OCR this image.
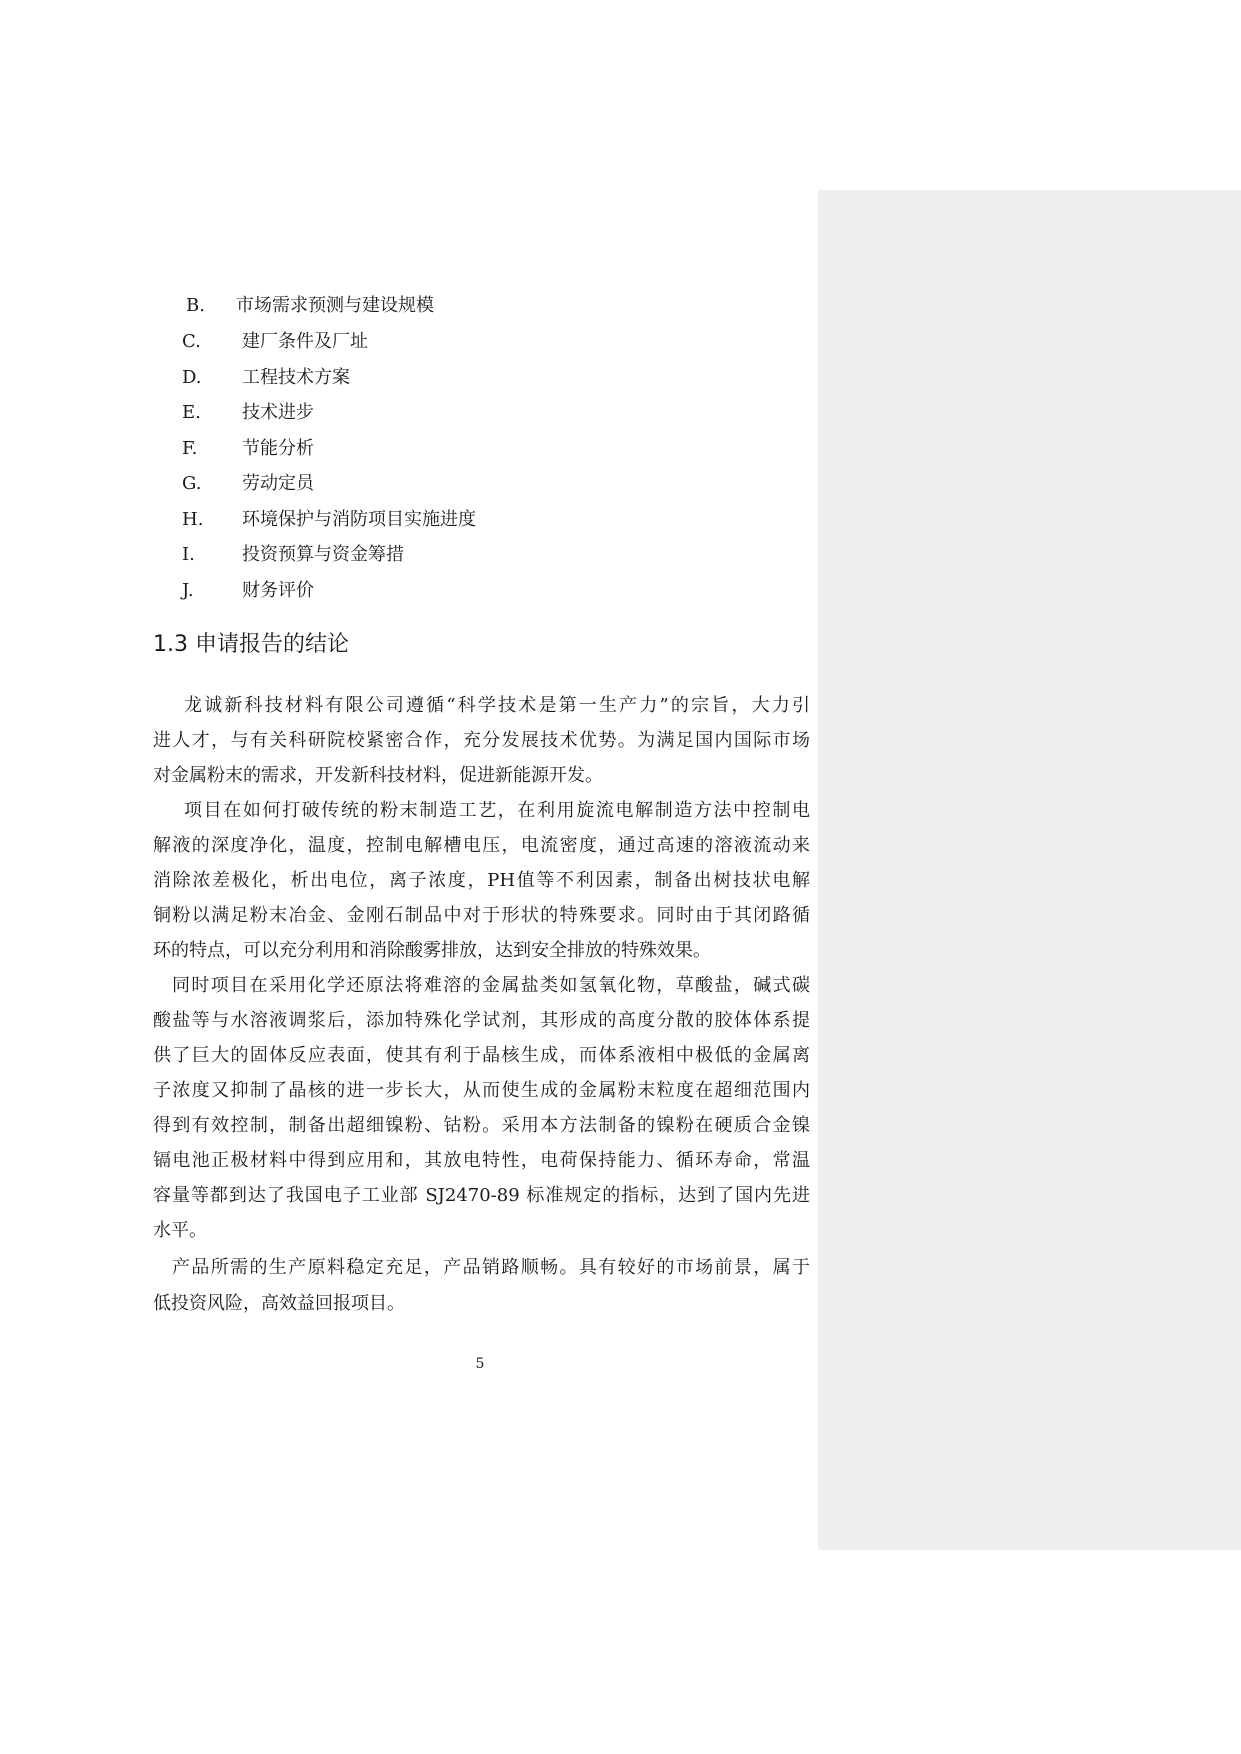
B. 市场需求预测与建设规模
C. 建厂条件及厂址
D. 工程技术方案
E. 技术进步
F. 节能分析
G. 劳动定员
H. 环境保护与消防项目实施进度
I.	投资预算与资金筹措
J.	财务评价
1.3 申请报告的结论
龙诚新科技材料有限公司遵循“科学技术是第一生产力”的宗旨，大力引
进人才，与有关科研院校紧密合作，充分发展技术优势。为满足国内国际市场
对金属粉末的需求，开发新科技材料，促进新能源开发。
项目在如何打破传统的粉末制造工艺，在利用旋流电解制造方法中控制电
解液的深度净化，温度，控制电解槽电压，电流密度，通过高速的溶液流动来
消除浓差极化，析出电位，离子浓度，PH值等不利因素，制备出树技状电解
铜粉以满足粉末冶金、金刚石制品中对于形状的特殊要求。同时由于其闭路循
环的特点，可以充分利用和消除酸雾排放，达到安全排放的特殊效果。
同时项目在采用化学还原法将难溶的金属盐类如氢氧化物，草酸盐，碱式碳
酸盐等与水溶液调浆后，添加特殊化学试剂，其形成的高度分散的胶体体系提
供了巨大的固体反应表面，使其有利于晶核生成，而体系液相中极低的金属离
子浓度又抑制了晶核的进一步长大，从而使生成的金属粉末粒度在超细范围内
得到有效控制，制备出超细镍粉、钴粉。采用本方法制备的镍粉在硬质合金镍
镉电池正极材料中得到应用和，其放电特性，电荷保持能力、循环寿命，常温
容量等都到达了我国电子工业部 SJ2470-89 标准规定的指标，达到了国内先进
水平。
产品所需的生产原料稳定充足，产品销路顺畅。具有较好的市场前景，属于
低投资风险，高效益回报项目。
5
